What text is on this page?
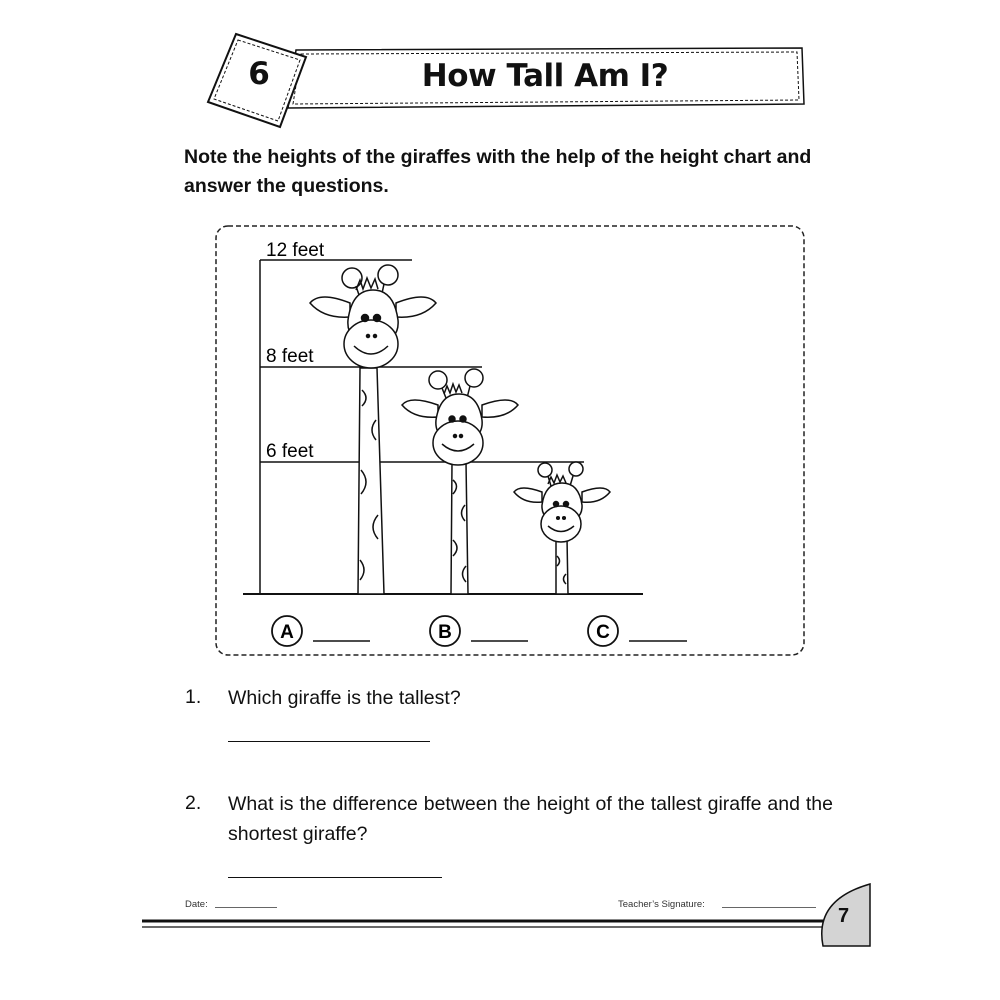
6	How Tall Am I?
Note the heights of the giraffes with the help of the height chart and answer the questions.
12 feet
8 feet
6 feet
A	B	C
1. Which giraffe is the tallest?
2. What is the difference between the height of the tallest giraffe and the shortest giraffe?
Date:	Teacher’s Signature:
7
